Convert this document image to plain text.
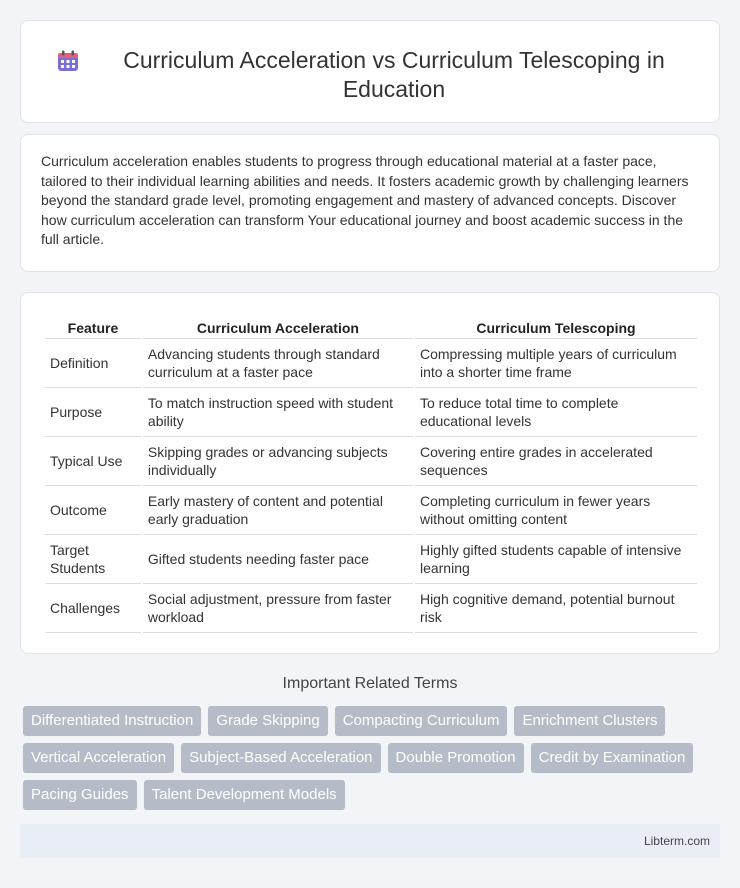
Curriculum Acceleration vs Curriculum Telescoping in Education

Curriculum acceleration enables students to progress through educational material at a faster pace, tailored to their individual learning abilities and needs. It fosters academic growth by challenging learners beyond the standard grade level, promoting engagement and mastery of advanced concepts. Discover how curriculum acceleration can transform Your educational journey and boost academic success in the full article.

Feature	Curriculum Acceleration	Curriculum Telescoping
Definition	Advancing students through standard curriculum at a faster pace	Compressing multiple years of curriculum into a shorter time frame
Purpose	To match instruction speed with student ability	To reduce total time to complete educational levels
Typical Use	Skipping grades or advancing subjects individually	Covering entire grades in accelerated sequences
Outcome	Early mastery of content and potential early graduation	Completing curriculum in fewer years without omitting content
Target Students	Gifted students needing faster pace	Highly gifted students capable of intensive learning
Challenges	Social adjustment, pressure from faster workload	High cognitive demand, potential burnout risk
Important Related Terms
Differentiated Instruction	Grade Skipping	Compacting Curriculum	Enrichment Clusters
Vertical Acceleration	Subject-Based Acceleration	Double Promotion	Credit by Examination
Pacing Guides	Talent Development Models
Libterm.com
